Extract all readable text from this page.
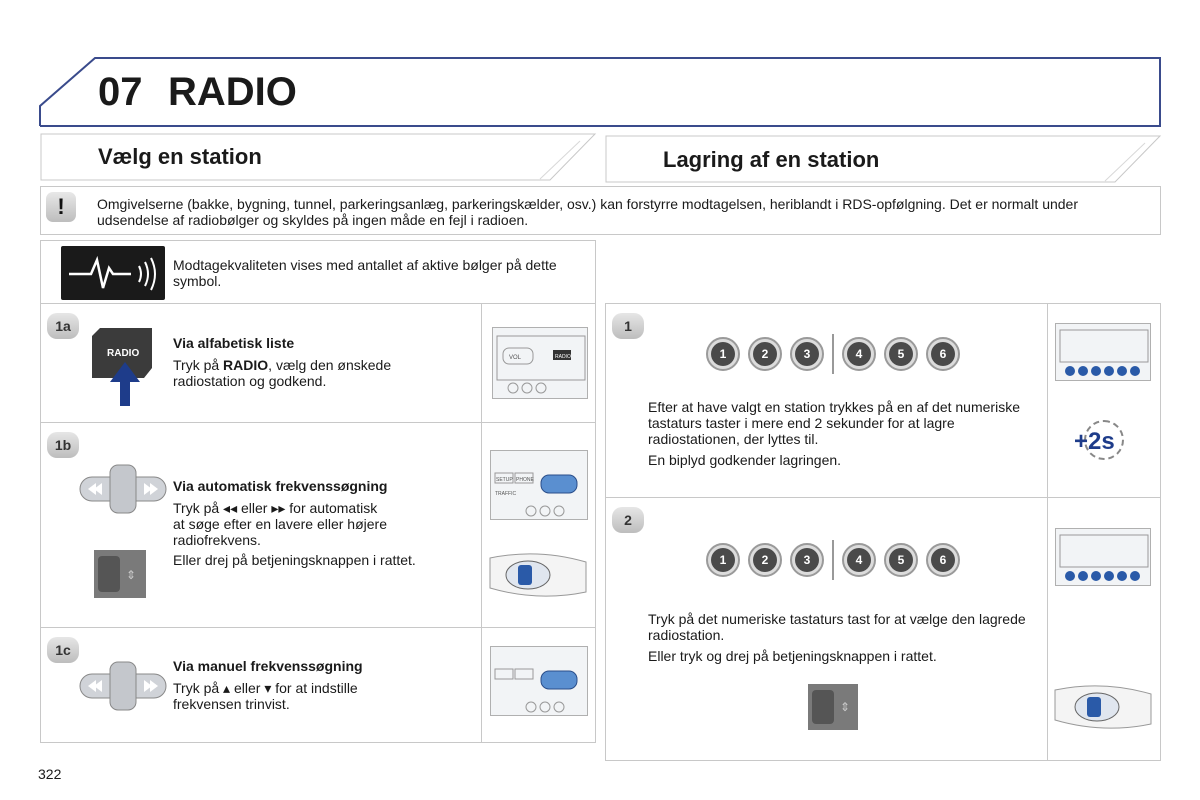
07 RADIO
Vælg en station	Lagring af en station
!	Omgivelserne (bakke, bygning, tunnel, parkeringsanlæg, parkeringskælder, osv.) kan forstyrre modtagelsen, heriblandt i RDS-opfølgning. Det er normalt under udsendelse af radiobølger og skyldes på ingen måde en fejl i radioen.
Modtagekvaliteten vises med antallet af aktive bølger på dette symbol.
1a
RADIO
Via alfabetisk liste
Tryk på RADIO, vælg den ønskede radiostation og godkend.
VOL	RADIO
1b
Via automatisk frekvenssøgning
Tryk på ◂◂ eller ▸▸ for automatisk
at søge efter en lavere eller højere
radiofrekvens.
Eller drej på betjeningsknappen i rattet.
⇕
SETUP PHONE
TRAFFIC
1c
Via manuel frekvenssøgning
Tryk på ▴ eller ▾ for at indstille
frekvensen trinvist.
1
1	2	3	4	5	6
Efter at have valgt en station trykkes på en af det numeriske tastaturs taster i mere end 2 sekunder for at lagre radiostationen, der lyttes til.
En biplyd godkender lagringen.
+2s
2
1	2	3	4	5	6
Tryk på det numeriske tastaturs tast for at vælge den lagrede radiostation.
Eller tryk og drej på betjeningsknappen i rattet.
⇕
322
